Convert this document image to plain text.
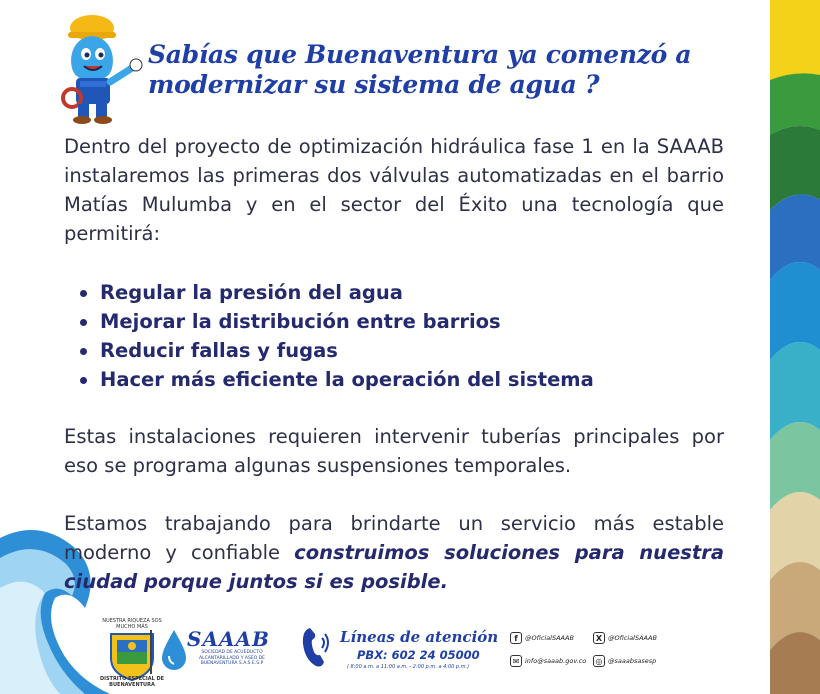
Sabías que Buenaventura ya comenzó a
modernizar su sistema de agua ?

Dentro del proyecto de optimización hidráulica fase 1 en la SAAAB instalaremos las primeras dos válvulas automatizadas en el barrio Matías Mulumba y en el sector del Éxito una tecnología que permitirá:

Regular la presión del agua
Mejorar la distribución entre barrios
Reducir fallas y fugas
Hacer más eficiente la operación del sistema

Estas instalaciones requieren intervenir tuberías principales por eso se programa algunas suspensiones temporales.

Estamos trabajando para brindarte un servicio más estable moderno y confiable construimos soluciones para nuestra ciudad porque juntos si es posible.

NUESTRA RIQUEZA SOS MUCHO MÁS
DISTRITO ESPECIAL DE BUENAVENTURA
SAAAB
SOCIEDAD DE ACUEDUCTO ALCANTARILLADO Y ASEO DE BUENAVENTURA S.A.S E.S.P
Líneas de atención
PBX: 602 24 05000
( 8:00 a.m. a 11:00 a.m. - 2:00 p.m. a 4:00 p.m.)
f	@OficialSAAAB	X @OficialSAAAB
✉ info@saaab.gov.co	◎ @saaabsasesp
